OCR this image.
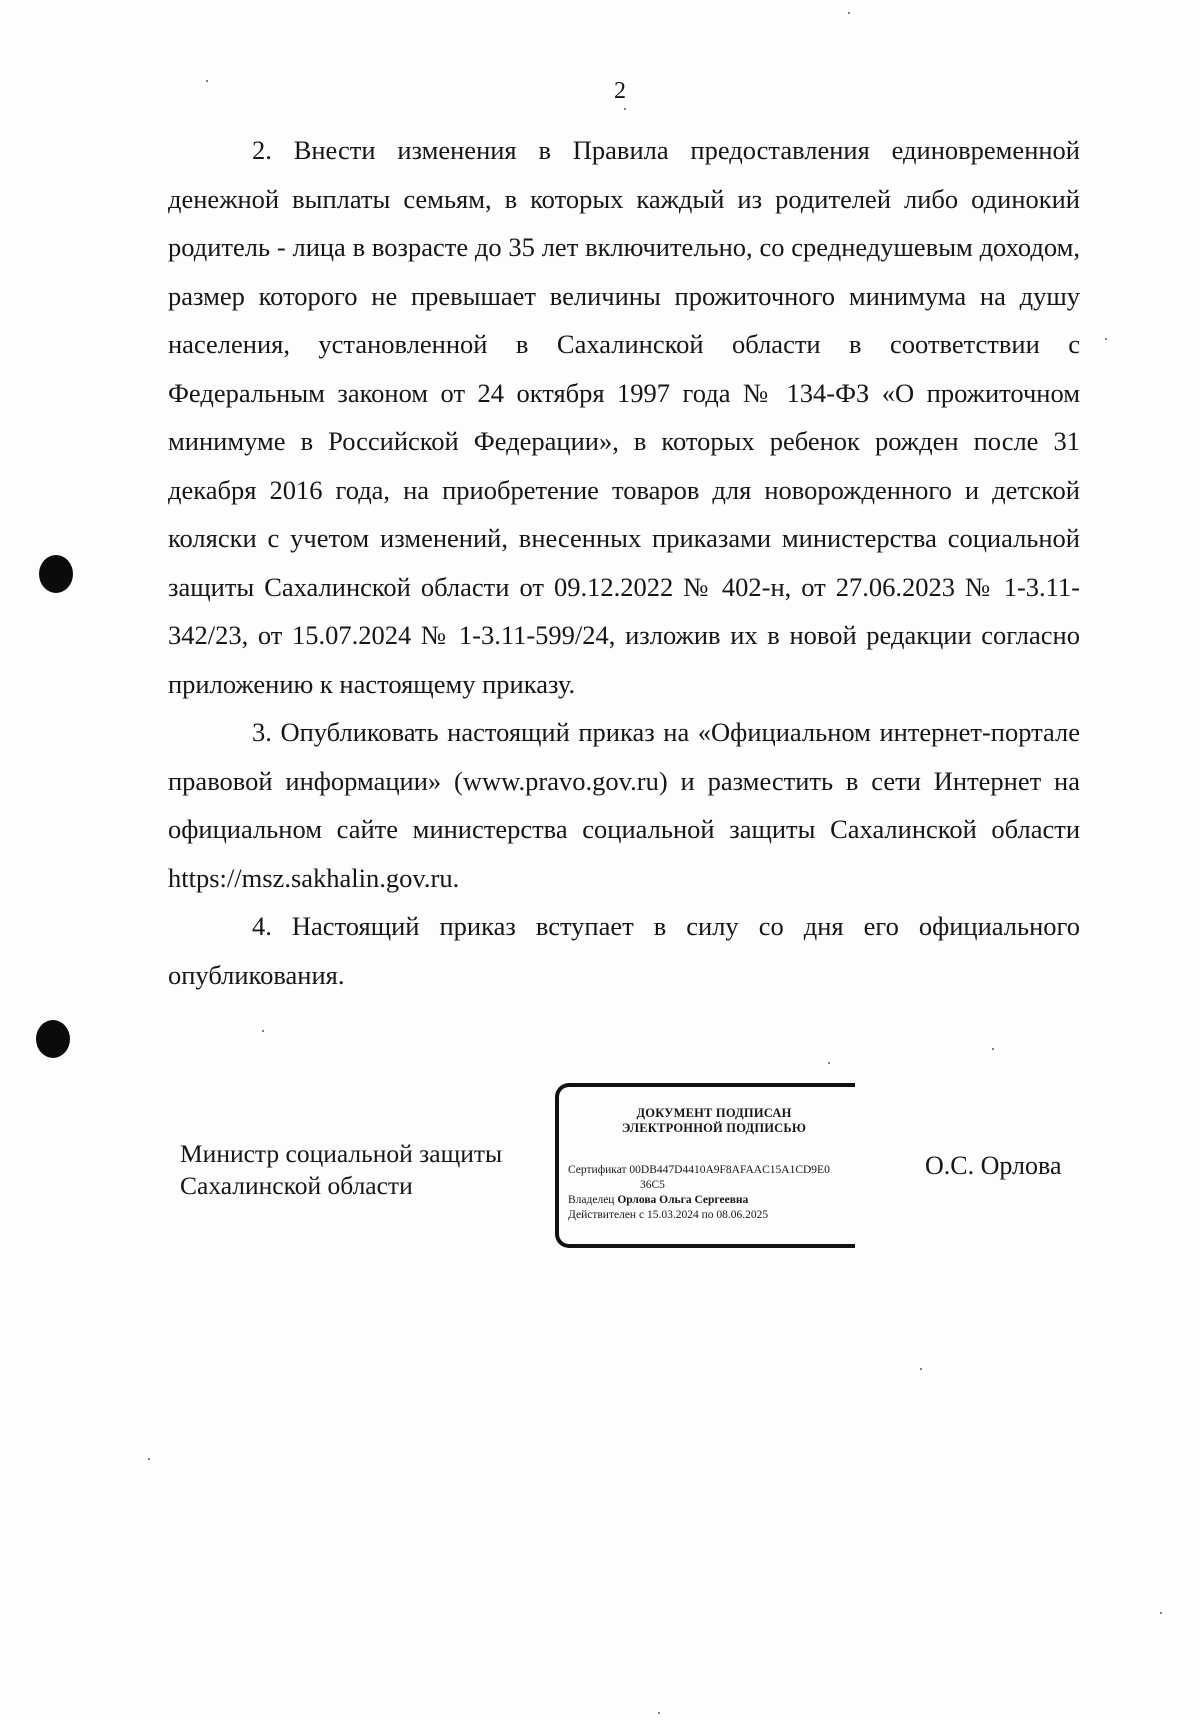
2

2. Внести изменения в Правила предоставления единовременной денежной выплаты семьям, в которых каждый из родителей либо одинокий родитель - лица в возрасте до 35 лет включительно, со среднедушевым доходом, размер которого не превышает величины прожиточного минимума на душу населения, установленной в Сахалинской области в соответствии с Федеральным законом от 24 октября 1997 года № 134-ФЗ «О прожиточном минимуме в Российской Федерации», в которых ребенок рожден после 31 декабря 2016 года, на приобретение товаров для новорожденного и детской коляски с учетом изменений, внесенных приказами министерства социальной защиты Сахалинской области от 09.12.2022 № 402-н, от 27.06.2023 № 1-3.11-342/23, от 15.07.2024 № 1-3.11-599/24, изложив их в новой редакции согласно приложению к настоящему приказу.

3. Опубликовать настоящий приказ на «Официальном интернет-портале правовой информации» (www.pravo.gov.ru) и разместить в сети Интернет на официальном сайте министерства социальной защиты Сахалинской области https://msz.sakhalin.gov.ru.

4. Настоящий приказ вступает в силу со дня его официального опубликования.

Министр социальной защиты
Сахалинской области
ДОКУМЕНТ ПОДПИСАН
ЭЛЕКТРОННОЙ ПОДПИСЬЮ
Сертификат 00DB447D4410A9F8AFAAC15A1CD9E0
36C5
Владелец Орлова Ольга Сергеевна
Действителен с 15.03.2024 по 08.06.2025
О.С. Орлова
